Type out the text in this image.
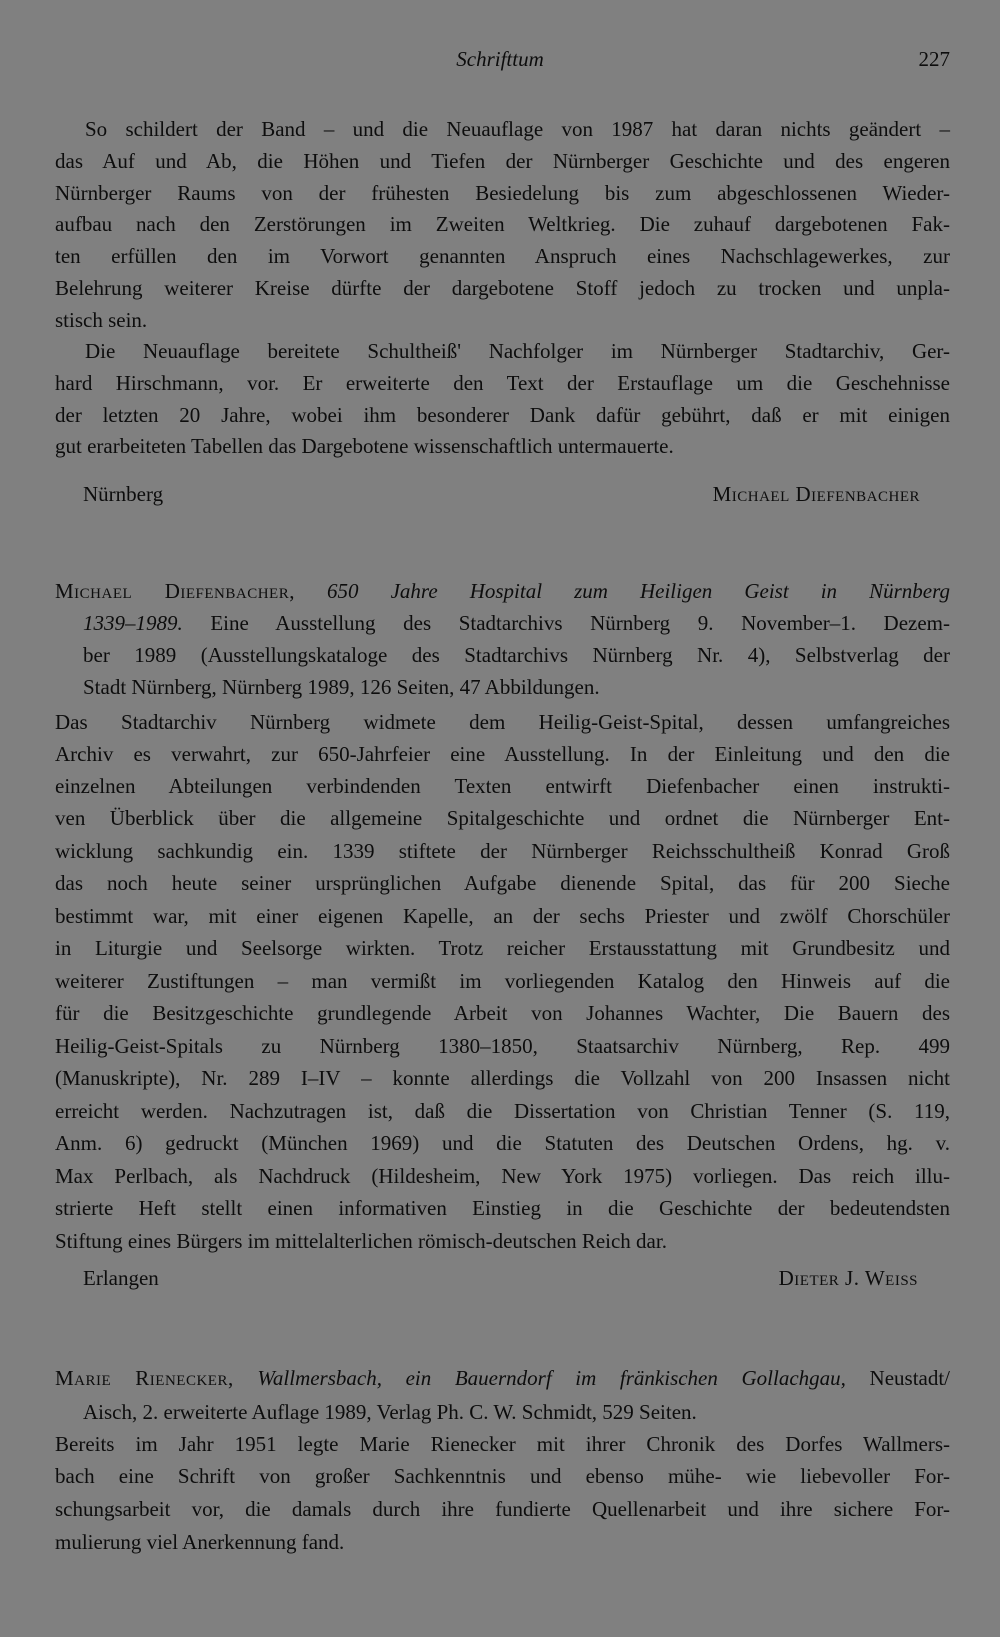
Schrifttum	227
So schildert der Band – und die Neuauflage von 1987 hat daran nichts geändert –
das Auf und Ab, die Höhen und Tiefen der Nürnberger Geschichte und des engeren
Nürnberger Raums von der frühesten Besiedelung bis zum abgeschlossenen Wieder-
aufbau nach den Zerstörungen im Zweiten Weltkrieg. Die zuhauf dargebotenen Fak-
ten erfüllen den im Vorwort genannten Anspruch eines Nachschlagewerkes, zur
Belehrung weiterer Kreise dürfte der dargebotene Stoff jedoch zu trocken und unpla-
stisch sein.
Die Neuauflage bereitete Schultheiß' Nachfolger im Nürnberger Stadtarchiv, Ger-
hard Hirschmann, vor. Er erweiterte den Text der Erstauflage um die Geschehnisse
der letzten 20 Jahre, wobei ihm besonderer Dank dafür gebührt, daß er mit einigen
gut erarbeiteten Tabellen das Dargebotene wissenschaftlich untermauerte.
Nürnberg	Michael Diefenbacher
Michael Diefenbacher, 650 Jahre Hospital zum Heiligen Geist in Nürnberg
1339–1989. Eine Ausstellung des Stadtarchivs Nürnberg 9. November–1. Dezem-
ber 1989 (Ausstellungskataloge des Stadtarchivs Nürnberg Nr. 4), Selbstverlag der
Stadt Nürnberg, Nürnberg 1989, 126 Seiten, 47 Abbildungen.
Das Stadtarchiv Nürnberg widmete dem Heilig-Geist-Spital, dessen umfangreiches
Archiv es verwahrt, zur 650-Jahrfeier eine Ausstellung. In der Einleitung und den die
einzelnen Abteilungen verbindenden Texten entwirft Diefenbacher einen instrukti-
ven Überblick über die allgemeine Spitalgeschichte und ordnet die Nürnberger Ent-
wicklung sachkundig ein. 1339 stiftete der Nürnberger Reichsschultheiß Konrad Groß
das noch heute seiner ursprünglichen Aufgabe dienende Spital, das für 200 Sieche
bestimmt war, mit einer eigenen Kapelle, an der sechs Priester und zwölf Chorschüler
in Liturgie und Seelsorge wirkten. Trotz reicher Erstausstattung mit Grundbesitz und
weiterer Zustiftungen – man vermißt im vorliegenden Katalog den Hinweis auf die
für die Besitzgeschichte grundlegende Arbeit von Johannes Wachter, Die Bauern des
Heilig-Geist-Spitals zu Nürnberg 1380–1850, Staatsarchiv Nürnberg, Rep. 499
(Manuskripte), Nr. 289 I–IV – konnte allerdings die Vollzahl von 200 Insassen nicht
erreicht werden. Nachzutragen ist, daß die Dissertation von Christian Tenner (S. 119,
Anm. 6) gedruckt (München 1969) und die Statuten des Deutschen Ordens, hg. v.
Max Perlbach, als Nachdruck (Hildesheim, New York 1975) vorliegen. Das reich illu-
strierte Heft stellt einen informativen Einstieg in die Geschichte der bedeutendsten
Stiftung eines Bürgers im mittelalterlichen römisch-deutschen Reich dar.
Erlangen	Dieter J. Weiss
Marie Rienecker, Wallmersbach, ein Bauerndorf im fränkischen Gollachgau, Neustadt/
Aisch, 2. erweiterte Auflage 1989, Verlag Ph. C. W. Schmidt, 529 Seiten.
Bereits im Jahr 1951 legte Marie Rienecker mit ihrer Chronik des Dorfes Wallmers-
bach eine Schrift von großer Sachkenntnis und ebenso mühe- wie liebevoller For-
schungsarbeit vor, die damals durch ihre fundierte Quellenarbeit und ihre sichere For-
mulierung viel Anerkennung fand.
